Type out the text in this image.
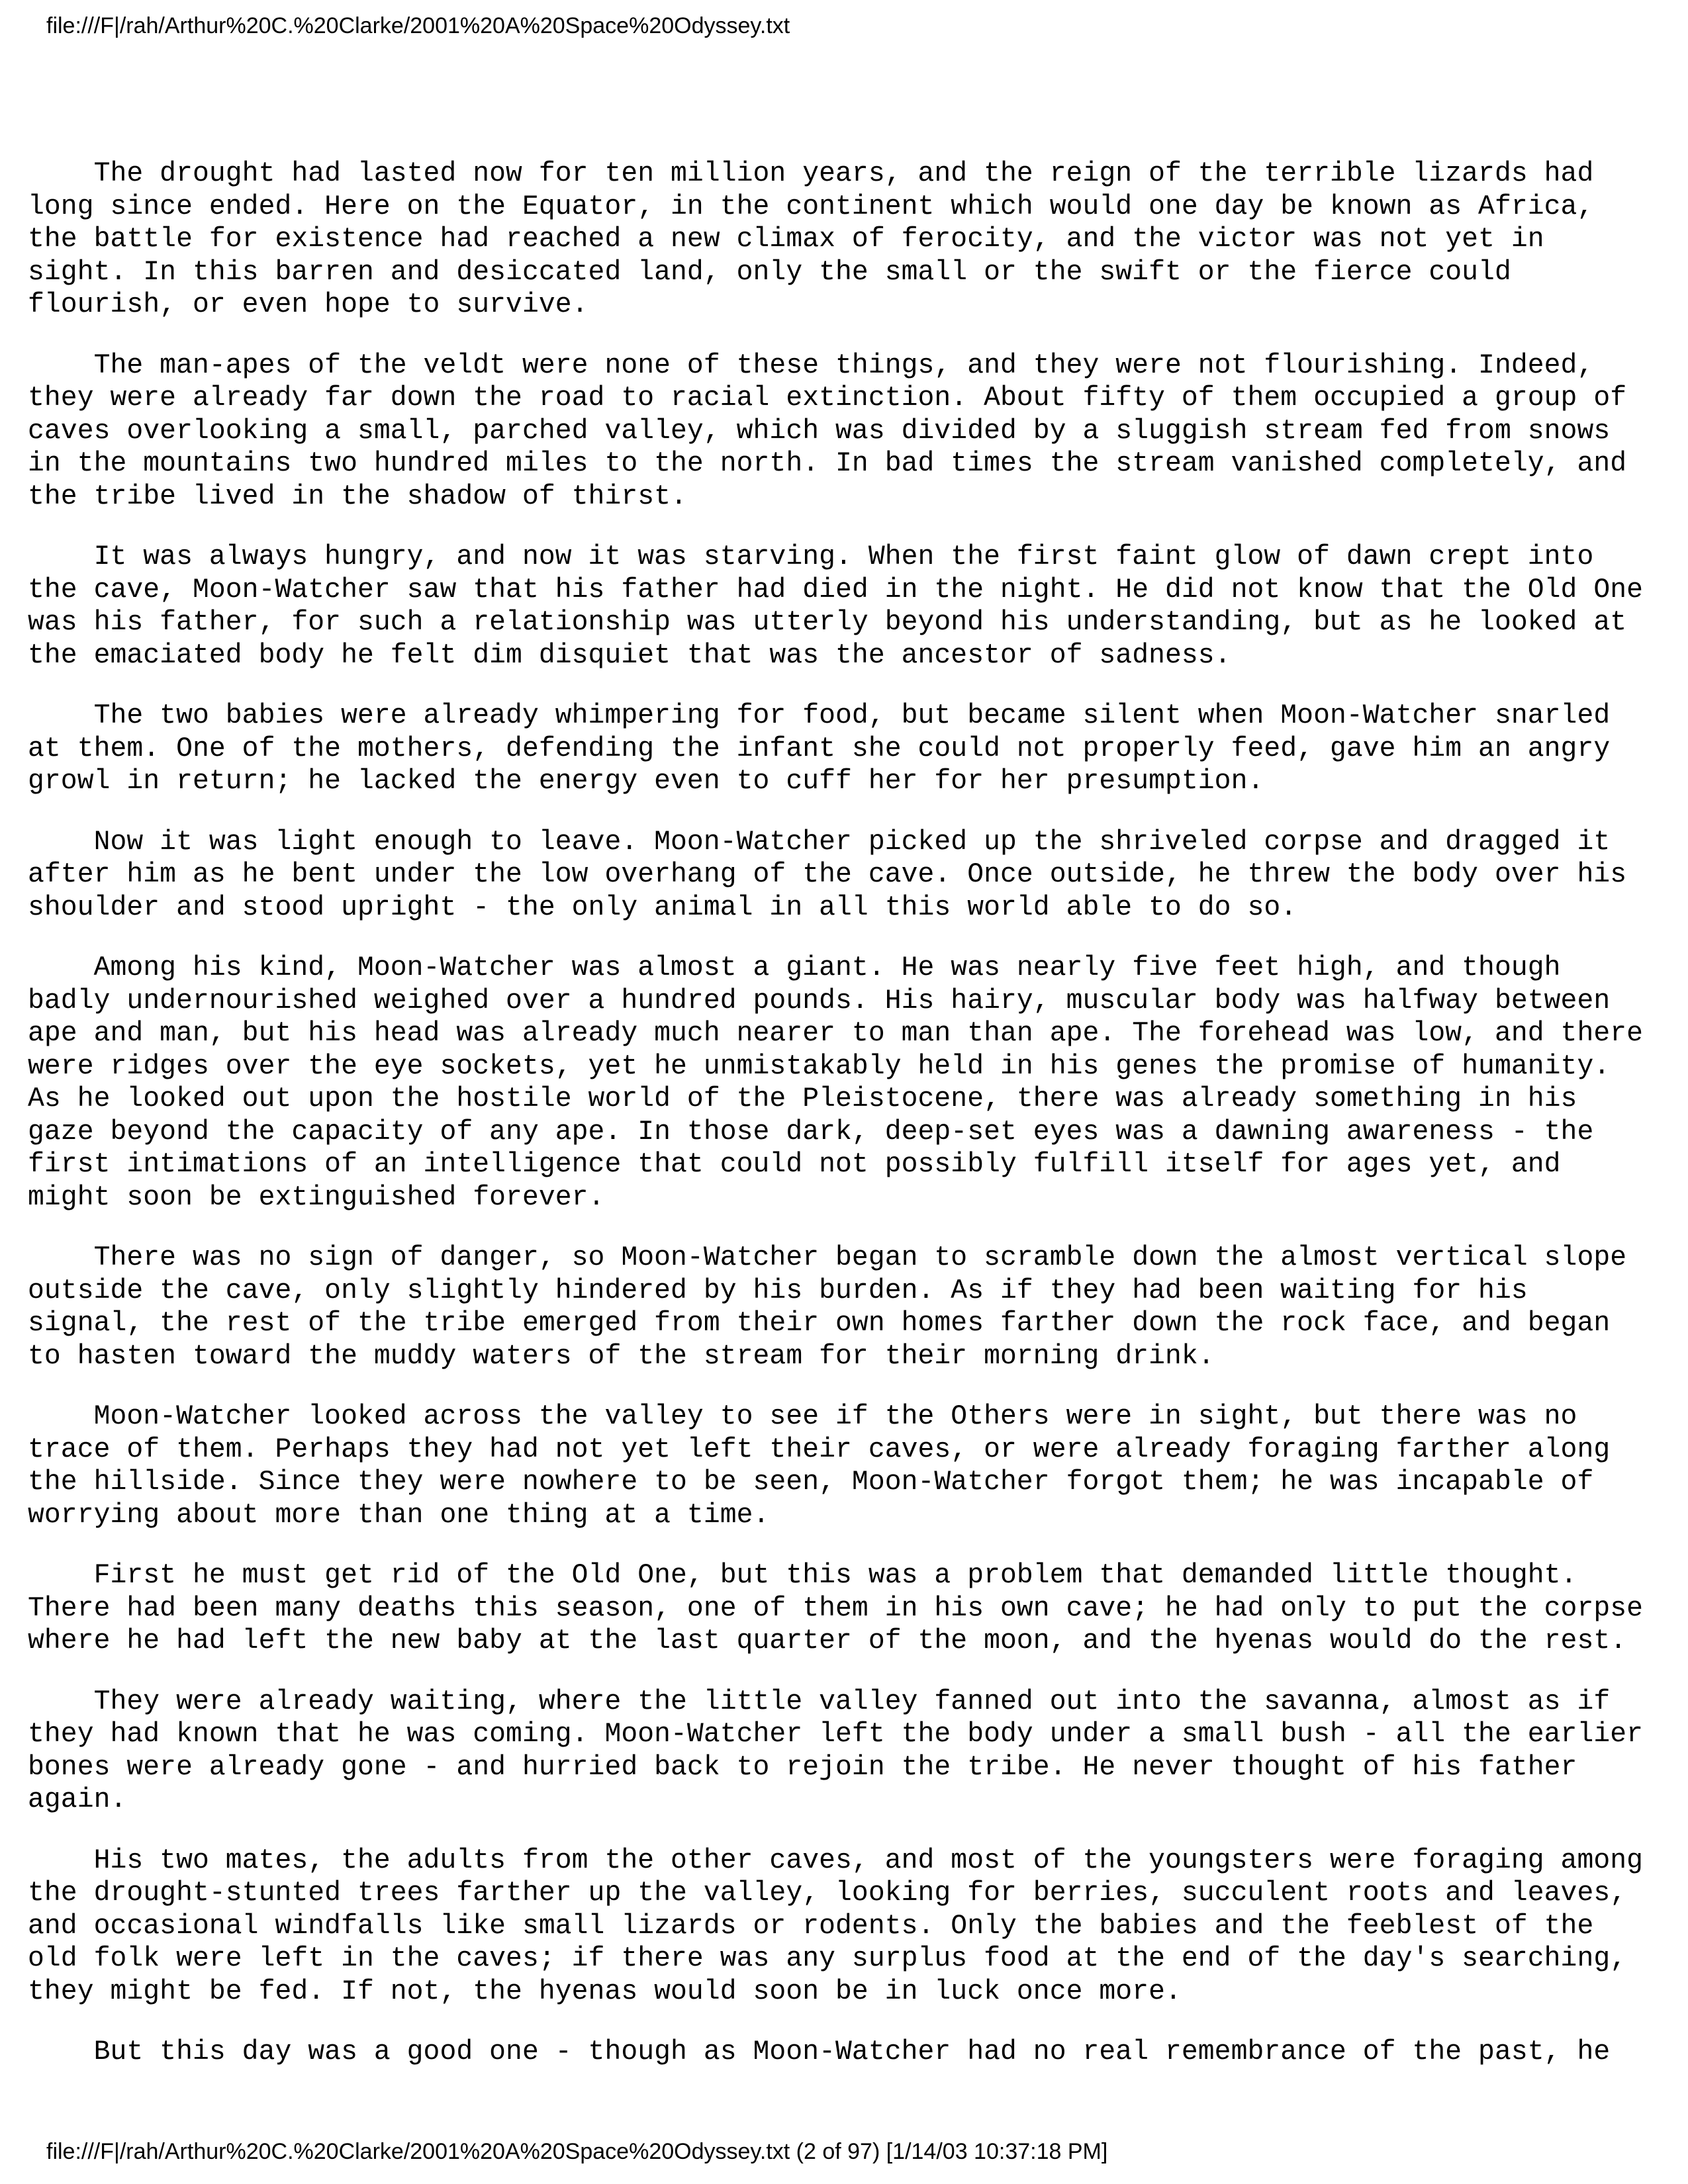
file:///F|/rah/Arthur%20C.%20Clarke/2001%20A%20Space%20Odyssey.txt

The drought had lasted now for ten million years, and the reign of the terrible lizards had
long since ended. Here on the Equator, in the continent which would one day be known as Africa,
the battle for existence had reached a new climax of ferocity, and the victor was not yet in
sight. In this barren and desiccated land, only the small or the swift or the fierce could
flourish, or even hope to survive.

The man-apes of the veldt were none of these things, and they were not flourishing. Indeed,
they were already far down the road to racial extinction. About fifty of them occupied a group of
caves overlooking a small, parched valley, which was divided by a sluggish stream fed from snows
in the mountains two hundred miles to the north. In bad times the stream vanished completely, and
the tribe lived in the shadow of thirst.

It was always hungry, and now it was starving. When the first faint glow of dawn crept into
the cave, Moon-Watcher saw that his father had died in the night. He did not know that the Old One
was his father, for such a relationship was utterly beyond his understanding, but as he looked at
the emaciated body he felt dim disquiet that was the ancestor of sadness.

The two babies were already whimpering for food, but became silent when Moon-Watcher snarled
at them. One of the mothers, defending the infant she could not properly feed, gave him an angry
growl in return; he lacked the energy even to cuff her for her presumption.

Now it was light enough to leave. Moon-Watcher picked up the shriveled corpse and dragged it
after him as he bent under the low overhang of the cave. Once outside, he threw the body over his
shoulder and stood upright - the only animal in all this world able to do so.

Among his kind, Moon-Watcher was almost a giant. He was nearly five feet high, and though
badly undernourished weighed over a hundred pounds. His hairy, muscular body was halfway between
ape and man, but his head was already much nearer to man than ape. The forehead was low, and there
were ridges over the eye sockets, yet he unmistakably held in his genes the promise of humanity.
As he looked out upon the hostile world of the Pleistocene, there was already something in his
gaze beyond the capacity of any ape. In those dark, deep-set eyes was a dawning awareness - the
first intimations of an intelligence that could not possibly fulfill itself for ages yet, and
might soon be extinguished forever.

There was no sign of danger, so Moon-Watcher began to scramble down the almost vertical slope
outside the cave, only slightly hindered by his burden. As if they had been waiting for his
signal, the rest of the tribe emerged from their own homes farther down the rock face, and began
to hasten toward the muddy waters of the stream for their morning drink.

Moon-Watcher looked across the valley to see if the Others were in sight, but there was no
trace of them. Perhaps they had not yet left their caves, or were already foraging farther along
the hillside. Since they were nowhere to be seen, Moon-Watcher forgot them; he was incapable of
worrying about more than one thing at a time.

First he must get rid of the Old One, but this was a problem that demanded little thought.
There had been many deaths this season, one of them in his own cave; he had only to put the corpse
where he had left the new baby at the last quarter of the moon, and the hyenas would do the rest.

They were already waiting, where the little valley fanned out into the savanna, almost as if
they had known that he was coming. Moon-Watcher left the body under a small bush - all the earlier
bones were already gone - and hurried back to rejoin the tribe. He never thought of his father
again.

His two mates, the adults from the other caves, and most of the youngsters were foraging among
the drought-stunted trees farther up the valley, looking for berries, succulent roots and leaves,
and occasional windfalls like small lizards or rodents. Only the babies and the feeblest of the
old folk were left in the caves; if there was any surplus food at the end of the day's searching,
they might be fed. If not, the hyenas would soon be in luck once more.

But this day was a good one - though as Moon-Watcher had no real remembrance of the past, he

file:///F|/rah/Arthur%20C.%20Clarke/2001%20A%20Space%20Odyssey.txt (2 of 97) [1/14/03 10:37:18 PM]
